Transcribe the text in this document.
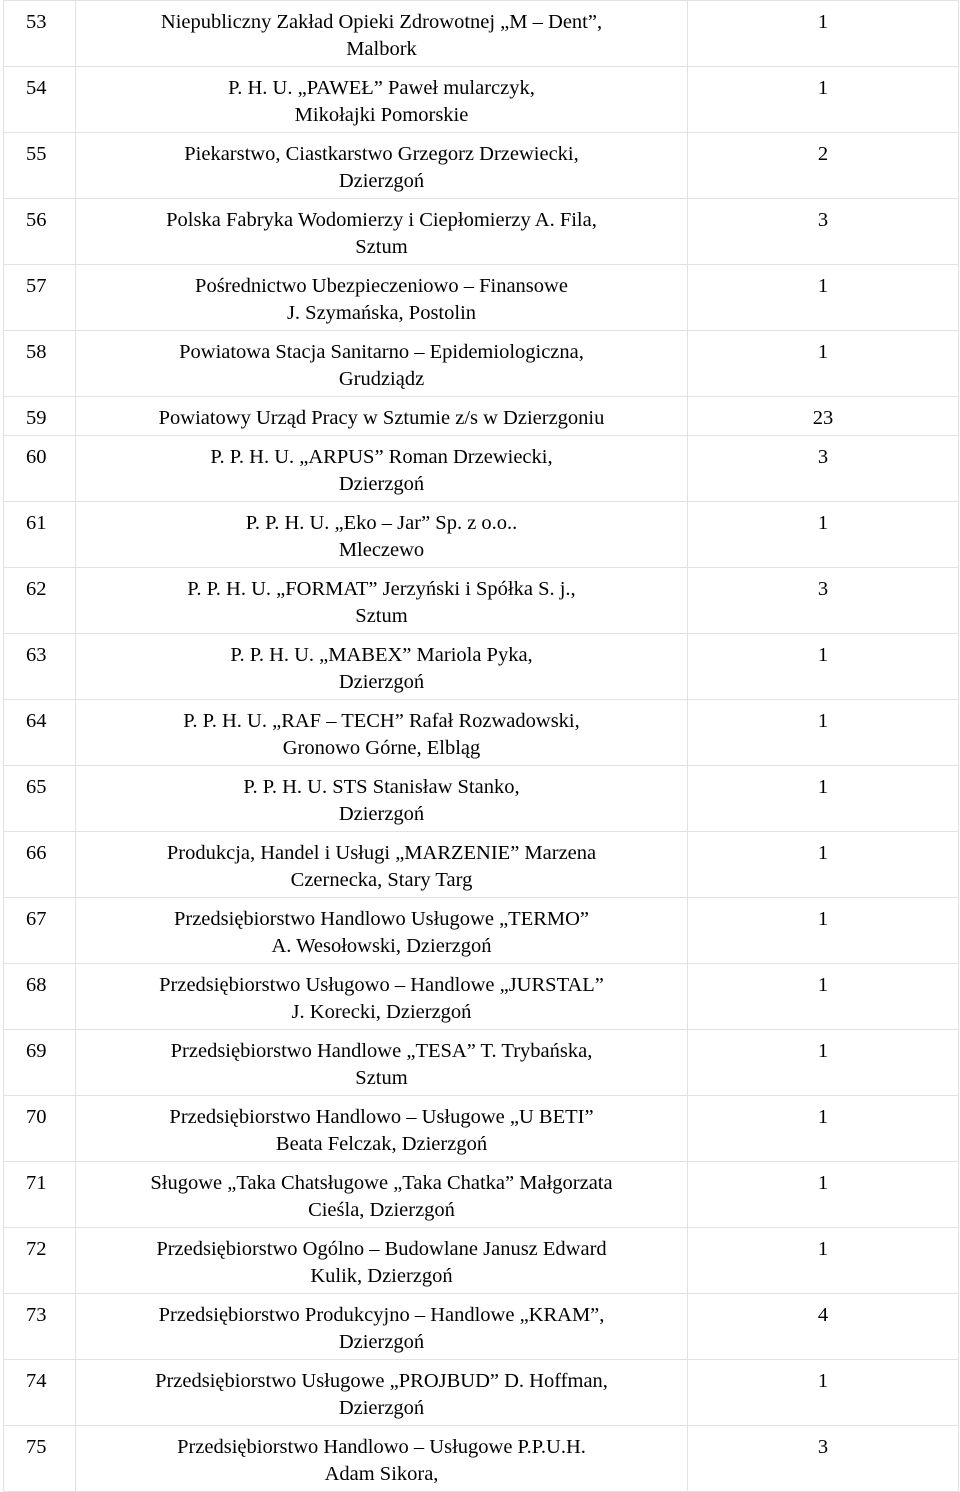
53	Niepubliczny Zakład Opieki Zdrowotnej „M – Dent”,
Malbork	1
54	P. H. U. „PAWEŁ” Paweł mularczyk,
Mikołajki Pomorskie	1
55	Piekarstwo, Ciastkarstwo Grzegorz Drzewiecki,
Dzierzgoń	2
56	Polska Fabryka Wodomierzy i Ciepłomierzy A. Fila,
Sztum	3
57	Pośrednictwo Ubezpieczeniowo – Finansowe
J. Szymańska, Postolin	1
58	Powiatowa Stacja Sanitarno – Epidemiologiczna,
Grudziądz	1
59	Powiatowy Urząd Pracy w Sztumie z/s w Dzierzgoniu	23
60	P. P. H. U. „ARPUS” Roman Drzewiecki,
Dzierzgoń	3
61	P. P. H. U. „Eko – Jar” Sp. z o.o..
Mleczewo	1
62	P. P. H. U. „FORMAT” Jerzyński i Spółka S. j.,
Sztum	3
63	P. P. H. U. „MABEX” Mariola Pyka,
Dzierzgoń	1
64	P. P. H. U. „RAF – TECH” Rafał Rozwadowski,
Gronowo Górne, Elbląg	1
65	P. P. H. U. STS Stanisław Stanko,
Dzierzgoń	1
66	Produkcja, Handel i Usługi „MARZENIE” Marzena
Czernecka, Stary Targ	1
67	Przedsiębiorstwo Handlowo Usługowe „TERMO”
A. Wesołowski, Dzierzgoń	1
68	Przedsiębiorstwo Usługowo – Handlowe „JURSTAL”
J. Korecki, Dzierzgoń	1
69	Przedsiębiorstwo Handlowe „TESA” T. Trybańska,
Sztum	1
70	Przedsiębiorstwo Handlowo – Usługowe „U BETI”
Beata Felczak, Dzierzgoń	1
71	Sługowe „Taka Chatsługowe „Taka Chatka” Małgorzata
Cieśla, Dzierzgoń	1
72	Przedsiębiorstwo Ogólno – Budowlane Janusz Edward
Kulik, Dzierzgoń	1
73	Przedsiębiorstwo Produkcyjno – Handlowe „KRAM”,
Dzierzgoń	4
74	Przedsiębiorstwo Usługowe „PROJBUD” D. Hoffman,
Dzierzgoń	1
75	Przedsiębiorstwo Handlowo – Usługowe P.P.U.H.
Adam Sikora,	3
